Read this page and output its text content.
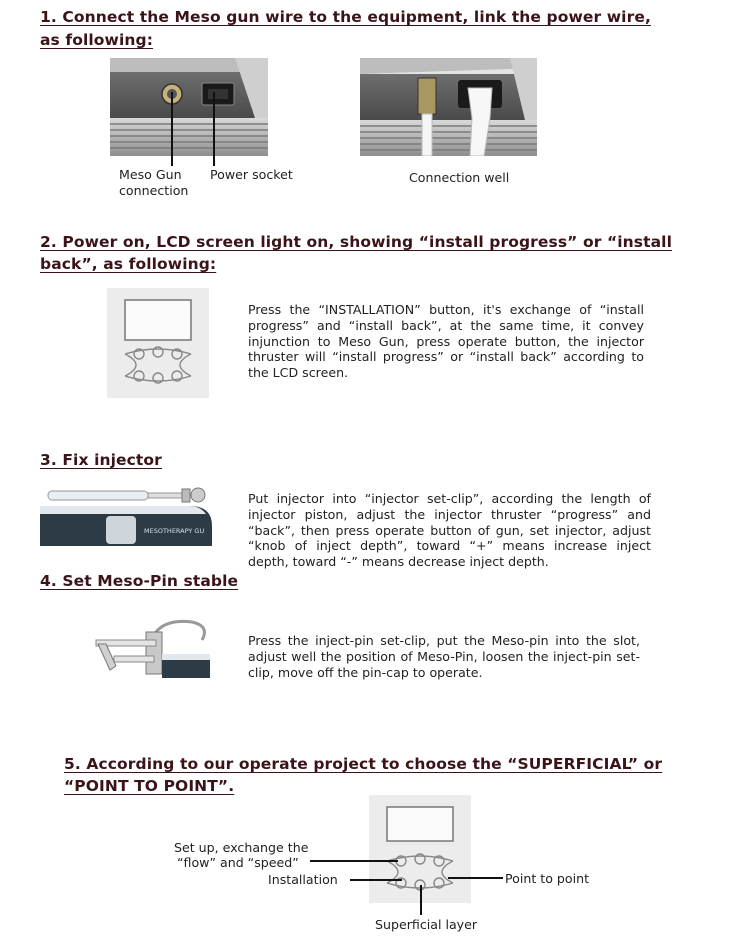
1. Connect the Meso gun wire to the equipment, link the power wire,

as following:

Meso Gun
connection
Power socket	Connection well

2. Power on, LCD screen light on, showing “install progress” or “install

back”, as following:

Press the “INSTALLATION” button, it's exchange of “install progress” and “install back”, at the same time, it convey injunction to Meso Gun, press operate button, the injector thruster will “install progress” or “install back” according to the LCD screen.

3. Fix injector

MESOTHERAPY GU

Put injector into “injector set-clip”, according the length of injector piston, adjust the injector thruster “progress” and “back”, then press operate button of gun, set injector, adjust “knob of inject depth”, toward “+” means increase inject depth, toward “-” means decrease inject depth.

4. Set Meso-Pin stable

Press the inject-pin set-clip, put the Meso-pin into the slot, adjust well the position of Meso-Pin, loosen the inject-pin set-clip, move off the pin-cap to operate.

5. According to our operate project to choose the “SUPERFICIAL” or

“POINT TO POINT”.

Set up, exchange the
“flow” and “speed”
Installation	Point to point
Superficial layer
